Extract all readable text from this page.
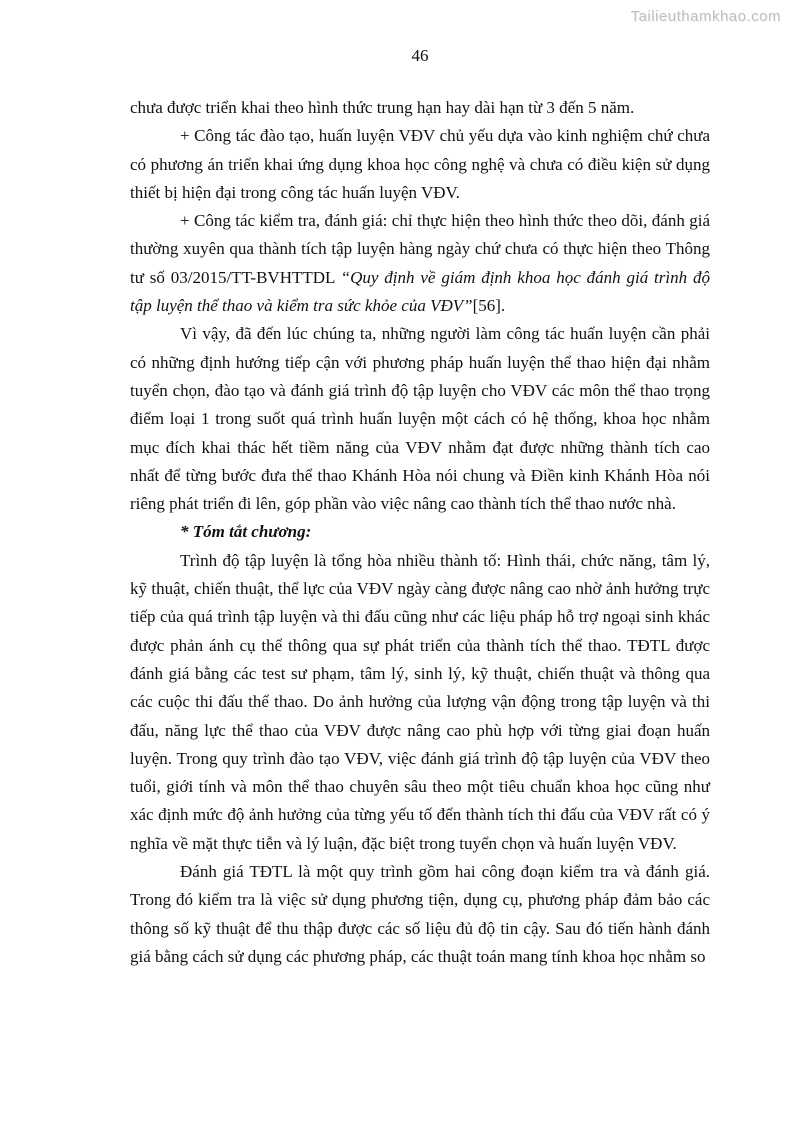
Tailieuthamkhao.com
46

chưa được triển khai theo hình thức trung hạn hay dài hạn từ 3 đến 5 năm.

+ Công tác đào tạo, huấn luyện VĐV chủ yếu dựa vào kinh nghiệm chứ chưa có phương án triển khai ứng dụng khoa học công nghệ và chưa có điều kiện sử dụng thiết bị hiện đại trong công tác huấn luyện VĐV.

+ Công tác kiểm tra, đánh giá: chỉ thực hiện theo hình thức theo dõi, đánh giá thường xuyên qua thành tích tập luyện hàng ngày chứ chưa có thực hiện theo Thông tư số 03/2015/TT-BVHTTDL “Quy định về giám định khoa học đánh giá trình độ tập luyện thể thao và kiểm tra sức khỏe của VĐV”[56].

Vì vậy, đã đến lúc chúng ta, những người làm công tác huấn luyện cần phải có những định hướng tiếp cận với phương pháp huấn luyện thể thao hiện đại nhằm tuyển chọn, đào tạo và đánh giá trình độ tập luyện cho VĐV các môn thể thao trọng điểm loại 1 trong suốt quá trình huấn luyện một cách có hệ thống, khoa học nhằm mục đích khai thác hết tiềm năng của VĐV nhằm đạt được những thành tích cao nhất để từng bước đưa thể thao Khánh Hòa nói chung và Điền kinh Khánh Hòa nói riêng phát triển đi lên, góp phần vào việc nâng cao thành tích thể thao nước nhà.

* Tóm tắt chương:

Trình độ tập luyện là tổng hòa nhiều thành tố: Hình thái, chức năng, tâm lý, kỹ thuật, chiến thuật, thể lực của VĐV ngày càng được nâng cao nhờ ảnh hưởng trực tiếp của quá trình tập luyện và thi đấu cũng như các liệu pháp hỗ trợ ngoại sinh khác được phản ánh cụ thể thông qua sự phát triển của thành tích thể thao. TĐTL được đánh giá bằng các test sư phạm, tâm lý, sinh lý, kỹ thuật, chiến thuật và thông qua các cuộc thi đấu thể thao. Do ảnh hưởng của lượng vận động trong tập luyện và thi đấu, năng lực thể thao của VĐV được nâng cao phù hợp với từng giai đoạn huấn luyện. Trong quy trình đào tạo VĐV, việc đánh giá trình độ tập luyện của VĐV theo tuổi, giới tính và môn thể thao chuyên sâu theo một tiêu chuẩn khoa học cũng như xác định mức độ ảnh hưởng của từng yếu tố đến thành tích thi đấu của VĐV rất có ý nghĩa về mặt thực tiễn và lý luận, đặc biệt trong tuyển chọn và huấn luyện VĐV.

Đánh giá TĐTL là một quy trình gồm hai công đoạn kiểm tra và đánh giá. Trong đó kiểm tra là việc sử dụng phương tiện, dụng cụ, phương pháp đảm bảo các thông số kỹ thuật để thu thập được các số liệu đủ độ tin cậy. Sau đó tiến hành đánh giá bằng cách sử dụng các phương pháp, các thuật toán mang tính khoa học nhằm so
